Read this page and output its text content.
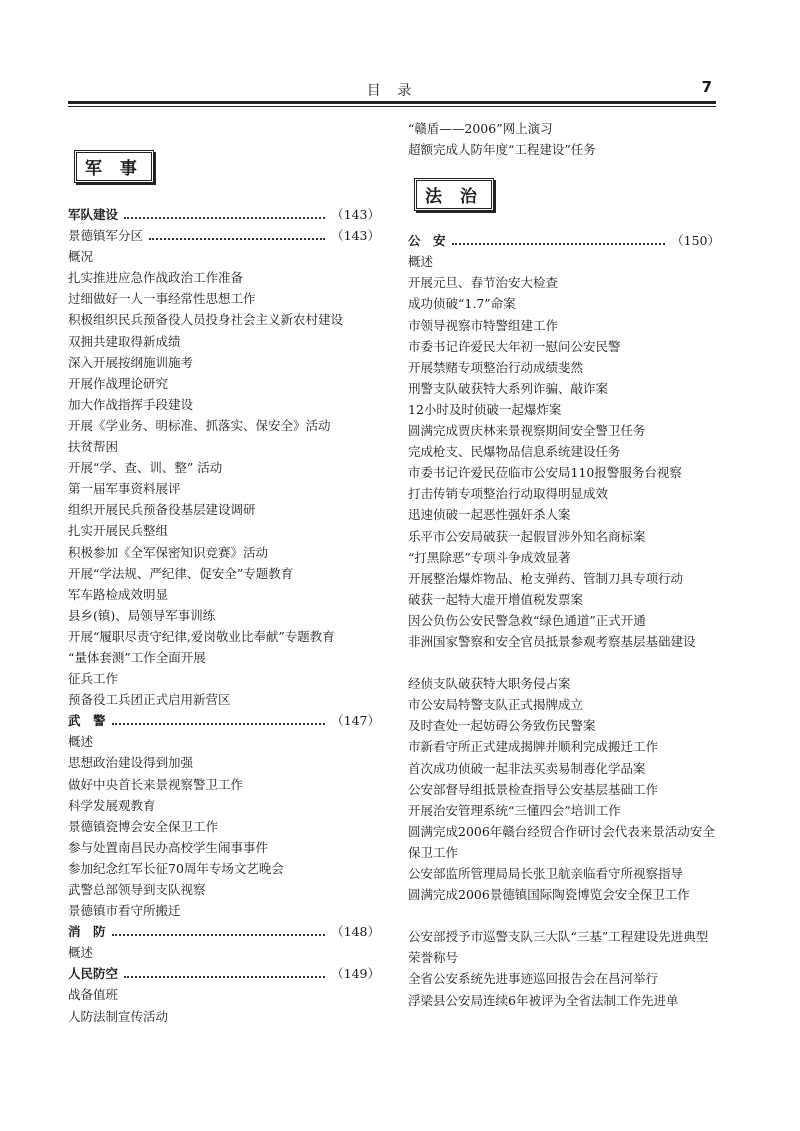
目 录	7
军 事
军队建设	（143）
景德镇军分区	（143）
概况
扎实推进应急作战政治工作准备
过细做好一人一事经常性思想工作
积极组织民兵预备役人员投身社会主义新农村建设
双拥共建取得新成绩
深入开展按纲施训施考
开展作战理论研究
加大作战指挥手段建设
开展《学业务、明标准、抓落实、保安全》活动
扶贫帮困
开展“学、查、训、整” 活动
第一届军事资料展评
组织开展民兵预备役基层建设调研
扎实开展民兵整组
积极参加《全军保密知识竞赛》活动
开展“学法规、严纪律、促安全”专题教育
军车路检成效明显
县乡(镇)、局领导军事训练
开展“履职尽责守纪律,爱岗敬业比奉献”专题教育
“量体套测”工作全面开展
征兵工作
预备役工兵团正式启用新营区
武　警	（147）
概述
思想政治建设得到加强
做好中央首长来景视察警卫工作
科学发展观教育
景德镇瓷博会安全保卫工作
参与处置南昌民办高校学生闹事事件
参加纪念红军长征70周年专场文艺晚会
武警总部领导到支队视察
景德镇市看守所搬迁
消　防	（148）
概述
人民防空	（149）
战备值班
人防法制宣传活动
“赣盾——2006”网上演习
超额完成人防年度“工程建设”任务
法 治
公　安	（150）
概述
开展元旦、春节治安大检查
成功侦破“1.7”命案
市领导视察市特警组建工作
市委书记许爱民大年初一慰问公安民警
开展禁赌专项整治行动成绩斐然
刑警支队破获特大系列诈骗、敲诈案
12小时及时侦破一起爆炸案
圆满完成贾庆林来景视察期间安全警卫任务
完成枪支、民爆物品信息系统建设任务
市委书记许爱民莅临市公安局110报警服务台视察
打击传销专项整治行动取得明显成效
迅速侦破一起恶性强奸杀人案
乐平市公安局破获一起假冒涉外知名商标案
“打黑除恶”专项斗争成效显著
开展整治爆炸物品、枪支弹药、管制刀具专项行动
破获一起特大虚开增值税发票案
因公负伤公安民警急救“绿色通道”正式开通
非洲国家警察和安全官员抵景参观考察基层基础建设
经侦支队破获特大职务侵占案
市公安局特警支队正式揭牌成立
及时查处一起妨碍公务致伤民警案
市新看守所正式建成揭牌并顺利完成搬迁工作
首次成功侦破一起非法买卖易制毒化学品案
公安部督导组抵景检查指导公安基层基础工作
开展治安管理系统“三懂四会”培训工作
圆满完成2006年赣台经贸合作研讨会代表来景活动安全保卫工作
公安部监所管理局局长张卫航亲临看守所视察指导
圆满完成2006景德镇国际陶瓷博览会安全保卫工作
公安部授予市巡警支队三大队“三基”工程建设先进典型荣誉称号
全省公安系统先进事迹巡回报告会在昌河举行
浮梁县公安局连续6年被评为全省法制工作先进单
